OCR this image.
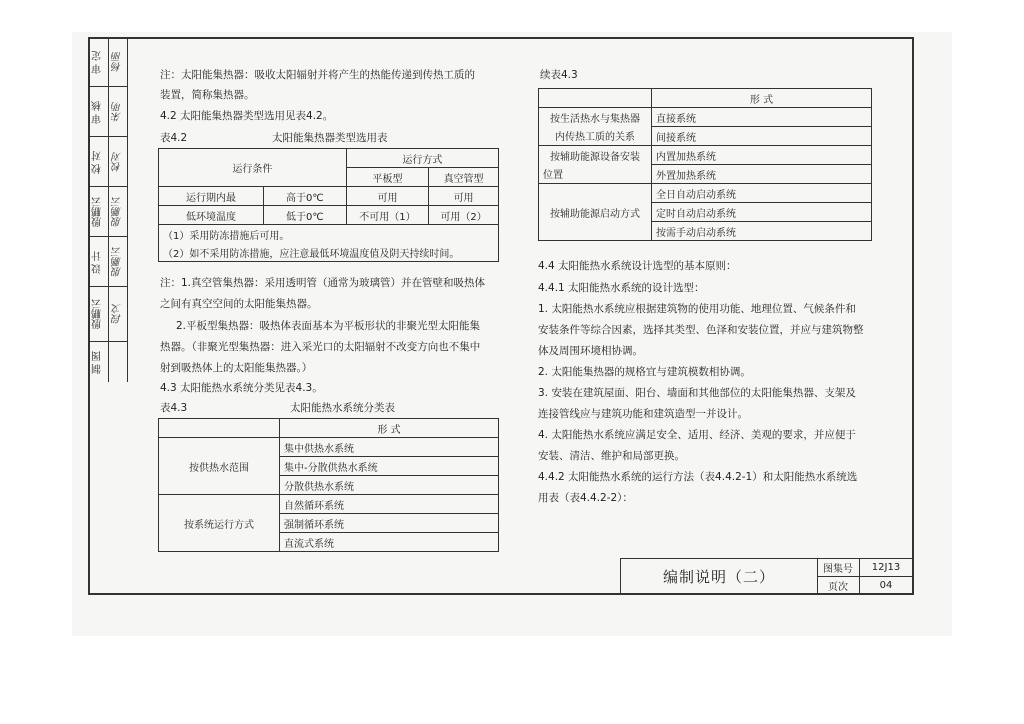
审 定 杨丽
审 核 朱明
校 对 校对
殷鹏云 殷鹏云
设 计 殷鹏云
殷鹏云 段文
制 图
注：太阳能集热器：吸收太阳辐射并将产生的热能传递到传热工质的
装置，简称集热器。
4.2 太阳能集热器类型选用见表4.2。
表4.2	太阳能集热器类型选用表
运行条件		运行方式	
		平板型	真空管型
运行期内最	高于0℃	可用	可用
低环境温度	低于0℃	不可用（1）	可用（2）
（1）采用防冻措施后可用。			
（2）如不采用防冻措施，应注意最低环境温度值及阴天持续时间。			
注：1.真空管集热器：采用透明管（通常为玻璃管）并在管壁和吸热体
之间有真空空间的太阳能集热器。
2.平板型集热器：吸热体表面基本为平板形状的非聚光型太阳能集
热器。（非聚光型集热器：进入采光口的太阳辐射不改变方向也不集中
射到吸热体上的太阳能集热器。）
4.3 太阳能热水系统分类见表4.3。
表4.3	太阳能热水系统分类表
	形 式
按供热水范围	集中供热水系统
	集中-分散供热水系统
	分散供热水系统
按系统运行方式	自然循环系统
	强制循环系统
	直流式系统
续表4.3
	形 式
按生活热水与集热器	直接系统
内传热工质的关系	间接系统
按辅助能源设备安装	内置加热系统
位置	外置加热系统
按辅助能源启动方式	全日自动启动系统
	定时自动启动系统
	按需手动启动系统
4.4 太阳能热水系统设计选型的基本原则：
4.4.1 太阳能热水系统的设计选型：
1. 太阳能热水系统应根据建筑物的使用功能、地理位置、气候条件和
安装条件等综合因素，选择其类型、色泽和安装位置，并应与建筑物整
体及周围环境相协调。
2. 太阳能集热器的规格宜与建筑模数相协调。
3. 安装在建筑屋面、阳台、墙面和其他部位的太阳能集热器、支架及
连接管线应与建筑功能和建筑造型一并设计。
4. 太阳能热水系统应满足安全、适用、经济、美观的要求，并应便于
安装、清洁、维护和局部更换。
4.4.2 太阳能热水系统的运行方法（表4.4.2-1）和太阳能热水系统选
用表（表4.4.2-2）：
编制说明（二）	图集号	12J13
页次	04
